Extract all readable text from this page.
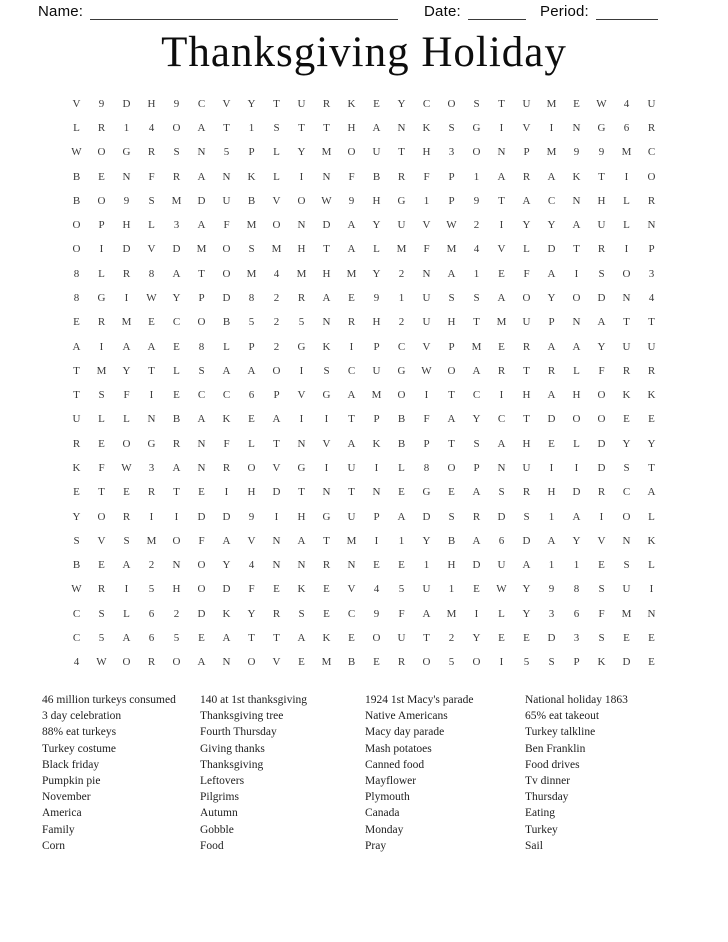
Name:	Date:	Period:
Thanksgiving Holiday
V	9	D	H	9	C	V	Y	T	U	R	K	E	Y	C	O	S	T	U	M	E	W	4	U
L	R	1	4	O	A	T	1	S	T	T	H	A	N	K	S	G	I	V	I	N	G	6	R
W	O	G	R	S	N	5	P	L	Y	M	O	U	T	H	3	O	N	P	M	9	9	M	C
B	E	N	F	R	A	N	K	L	I	N	F	B	R	F	P	1	A	R	A	K	T	I	O
B	O	9	S	M	D	U	B	V	O	W	9	H	G	1	P	9	T	A	C	N	H	L	R
O	P	H	L	3	A	F	M	O	N	D	A	Y	U	V	W	2	I	Y	Y	A	U	L	N
O	I	D	V	D	M	O	S	M	H	T	A	L	M	F	M	4	V	L	D	T	R	I	P
8	L	R	8	A	T	O	M	4	M	H	M	Y	2	N	A	1	E	F	A	I	S	O	3
8	G	I	W	Y	P	D	8	2	R	A	E	9	1	U	S	S	A	O	Y	O	D	N	4
E	R	M	E	C	O	B	5	2	5	N	R	H	2	U	H	T	M	U	P	N	A	T	T
A	I	A	A	E	8	L	P	2	G	K	I	P	C	V	P	M	E	R	A	A	Y	U	U
T	M	Y	T	L	S	A	A	O	I	S	C	U	G	W	O	A	R	T	R	L	F	R	R
T	S	F	I	E	C	C	6	P	V	G	A	M	O	I	T	C	I	H	A	H	O	K	K
U	L	L	N	B	A	K	E	A	I	I	T	P	B	F	A	Y	C	T	D	O	O	E	E
R	E	O	G	R	N	F	L	T	N	V	A	K	B	P	T	S	A	H	E	L	D	Y	Y
K	F	W	3	A	N	R	O	V	G	I	U	I	L	8	O	P	N	U	I	I	D	S	T
E	T	E	R	T	E	I	H	D	T	N	T	N	E	G	E	A	S	R	H	D	R	C	A
Y	O	R	I	I	D	D	9	I	H	G	U	P	A	D	S	R	D	S	1	A	I	O	L
S	V	S	M	O	F	A	V	N	A	T	M	I	1	Y	B	A	6	D	A	Y	V	N	K
B	E	A	2	N	O	Y	4	N	N	R	N	E	E	1	H	D	U	A	1	1	E	S	L
W	R	I	5	H	O	D	F	E	K	E	V	4	5	U	1	E	W	Y	9	8	S	U	I
C	S	L	6	2	D	K	Y	R	S	E	C	9	F	A	M	I	L	Y	3	6	F	M	N
C	5	A	6	5	E	A	T	T	A	K	E	O	U	T	2	Y	E	E	D	3	S	E	E
4	W	O	R	O	A	N	O	V	E	M	B	E	R	O	5	O	I	5	S	P	K	D	E
46 million turkeys consumed
3 day celebration
88% eat turkeys
Turkey costume
Black friday
Pumpkin pie
November
America
Family
Corn
140 at 1st thanksgiving
Thanksgiving tree
Fourth Thursday
Giving thanks
Thanksgiving
Leftovers
Pilgrims
Autumn
Gobble
Food
1924 1st Macy's parade
Native Americans
Macy day parade
Mash potatoes
Canned food
Mayflower
Plymouth
Canada
Monday
Pray
National holiday 1863
65% eat takeout
Turkey talkline
Ben Franklin
Food drives
Tv dinner
Thursday
Eating
Turkey
Sail
